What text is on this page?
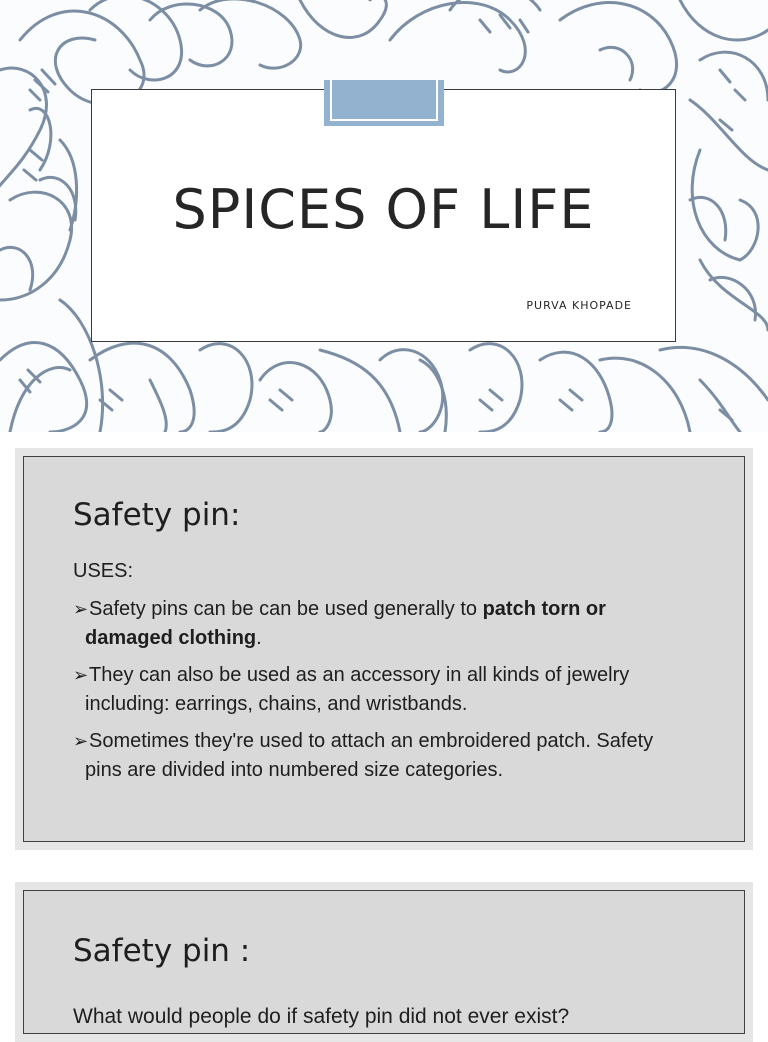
SPICES OF LIFE
PURVA KHOPADE
Safety pin:
USES:
➢ Safety pins can be can be used generally to patch torn or damaged clothing.
➢ They can also be used as an accessory in all kinds of jewelry including: earrings, chains, and wristbands.
➢ Sometimes they're used to attach an embroidered patch. Safety pins are divided into numbered size categories.
Safety pin :
What would people do if safety pin did not ever exist?
